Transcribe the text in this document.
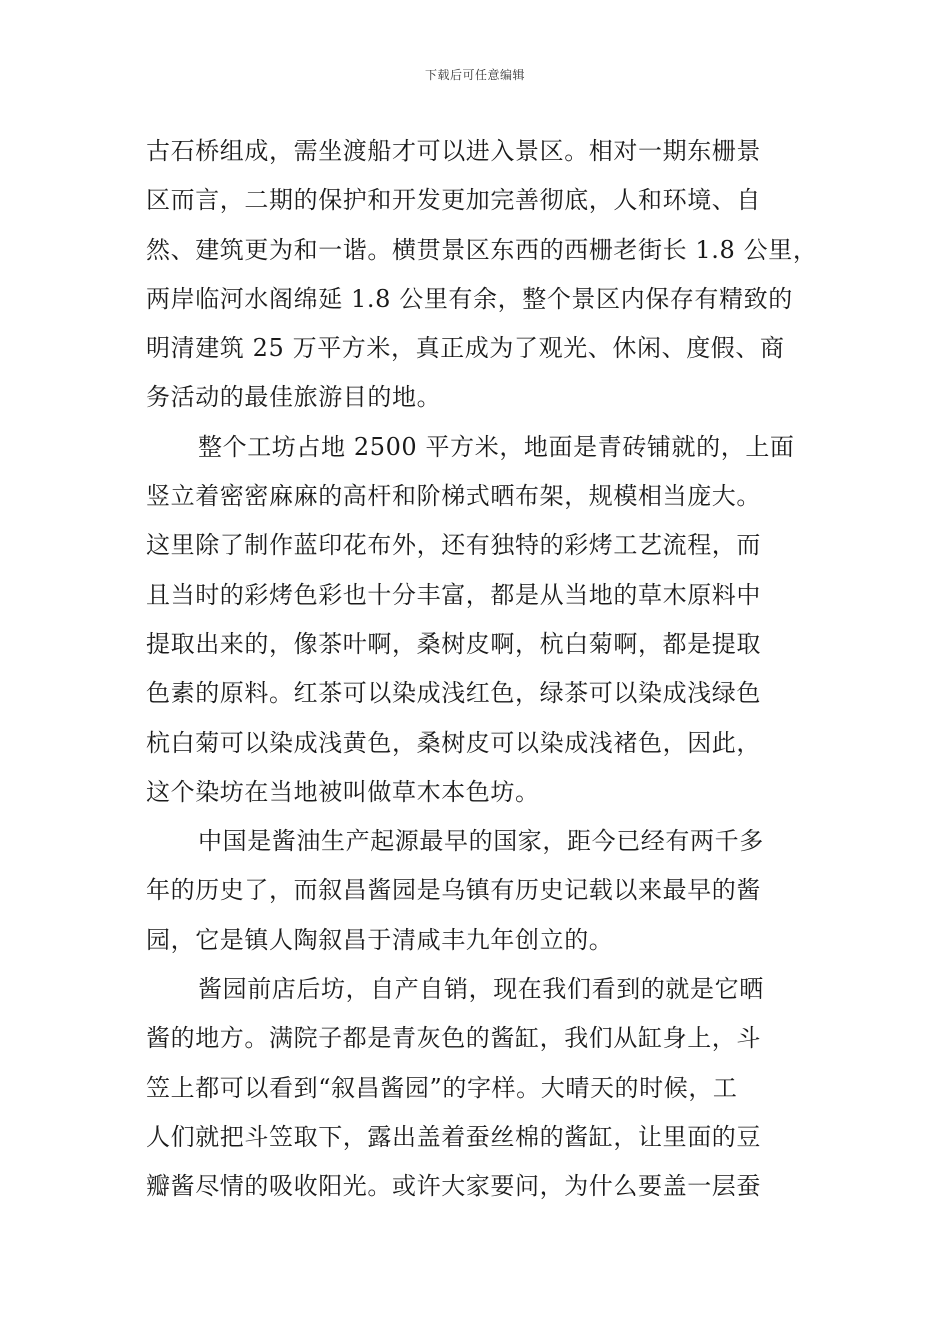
下载后可任意编辑
古石桥组成，需坐渡船才可以进入景区。相对一期东栅景
区而言，二期的保护和开发更加完善彻底，人和环境、自
然、建筑更为和一谐。横贯景区东西的西栅老街长 1.8 公里，
两岸临河水阁绵延 1.8 公里有余，整个景区内保存有精致的
明清建筑 25 万平方米，真正成为了观光、休闲、度假、商
务活动的最佳旅游目的地。
整个工坊占地 2500 平方米，地面是青砖铺就的，上面
竖立着密密麻麻的高杆和阶梯式晒布架，规模相当庞大。
这里除了制作蓝印花布外，还有独特的彩烤工艺流程，而
且当时的彩烤色彩也十分丰富，都是从当地的草木原料中
提取出来的，像茶叶啊，桑树皮啊，杭白菊啊，都是提取
色素的原料。红茶可以染成浅红色，绿茶可以染成浅绿色
杭白菊可以染成浅黄色，桑树皮可以染成浅褚色，因此，
这个染坊在当地被叫做草木本色坊。
中国是酱油生产起源最早的国家，距今已经有两千多
年的历史了，而叙昌酱园是乌镇有历史记载以来最早的酱
园，它是镇人陶叙昌于清咸丰九年创立的。
酱园前店后坊，自产自销，现在我们看到的就是它晒
酱的地方。满院子都是青灰色的酱缸，我们从缸身上，斗
笠上都可以看到“叙昌酱园”的字样。大晴天的时候，工
人们就把斗笠取下，露出盖着蚕丝棉的酱缸，让里面的豆
瓣酱尽情的吸收阳光。或许大家要问，为什么要盖一层蚕
